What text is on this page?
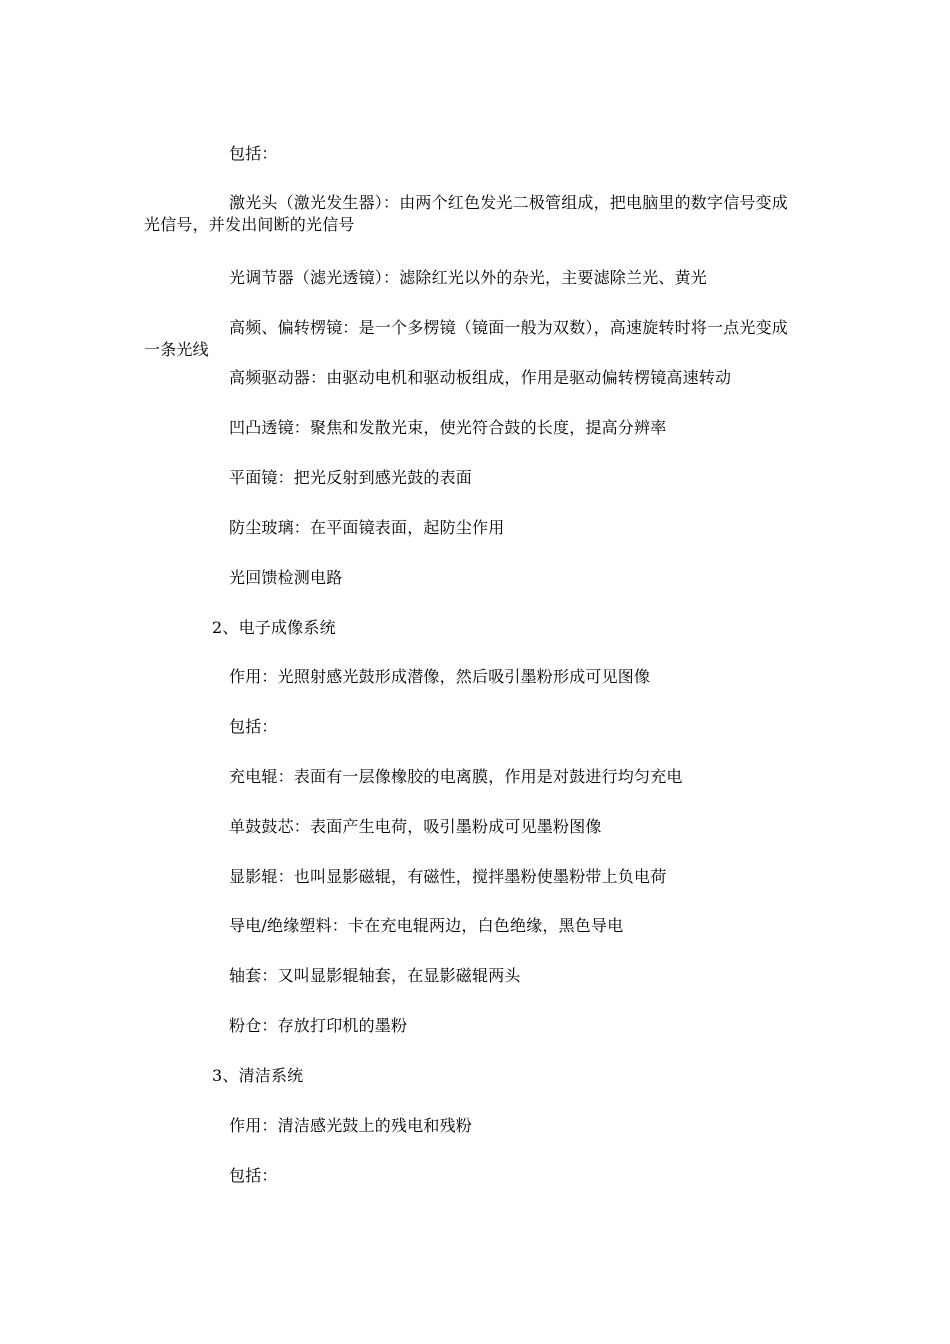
包括：
激光头（激光发生器）：由两个红色发光二极管组成，把电脑里的数字信号变成
光信号，并发出间断的光信号
光调节器（滤光透镜）：滤除红光以外的杂光，主要滤除兰光、黄光
高频、偏转楞镜：是一个多楞镜（镜面一般为双数），高速旋转时将一点光变成
一条光线
高频驱动器：由驱动电机和驱动板组成，作用是驱动偏转楞镜高速转动
凹凸透镜：聚焦和发散光束，使光符合鼓的长度，提高分辨率
平面镜：把光反射到感光鼓的表面
防尘玻璃：在平面镜表面，起防尘作用
光回馈检测电路
2、电子成像系统
作用：光照射感光鼓形成潜像，然后吸引墨粉形成可见图像
包括：
充电辊：表面有一层像橡胶的电离膜，作用是对鼓进行均匀充电
单鼓鼓芯：表面产生电荷，吸引墨粉成可见墨粉图像
显影辊：也叫显影磁辊，有磁性，搅拌墨粉使墨粉带上负电荷
导电/绝缘塑料：卡在充电辊两边，白色绝缘，黑色导电
轴套：又叫显影辊轴套，在显影磁辊两头
粉仓：存放打印机的墨粉
3、清洁系统
作用：清洁感光鼓上的残电和残粉
包括：
